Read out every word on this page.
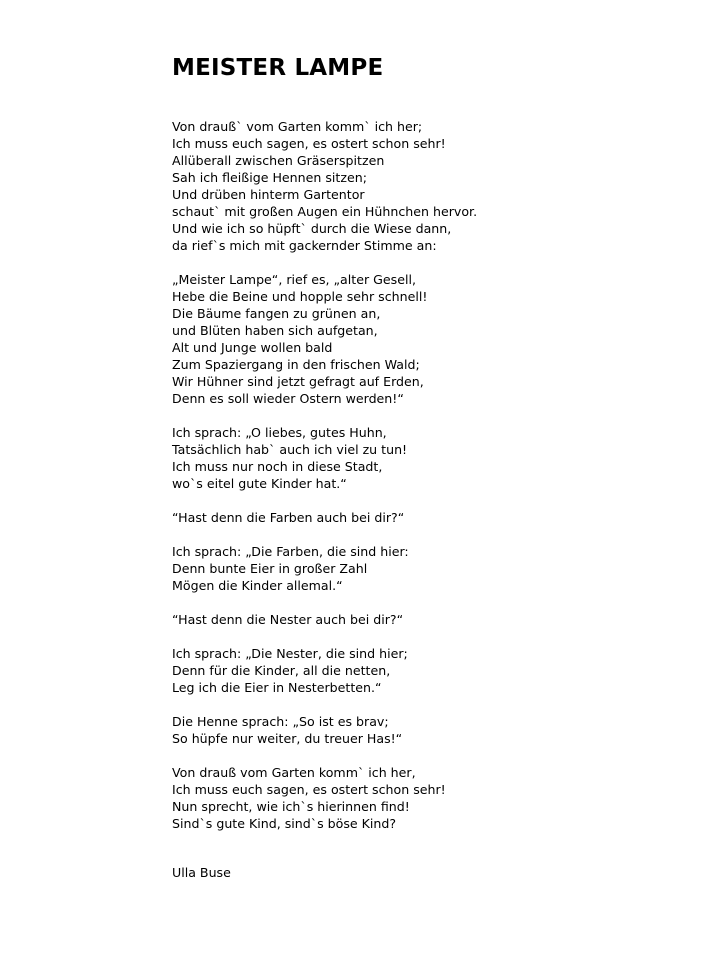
MEISTER LAMPE
Von drauß` vom Garten komm` ich her;
Ich muss euch sagen, es ostert schon sehr!
Allüberall zwischen Gräserspitzen
Sah ich fleißige Hennen sitzen;
Und drüben hinterm Gartentor
schaut` mit großen Augen ein Hühnchen hervor.
Und wie ich so hüpft` durch die Wiese dann,
da rief`s mich mit gackernder Stimme an:
„Meister Lampe“, rief es, „alter Gesell,
Hebe die Beine und hopple sehr schnell!
Die Bäume fangen zu grünen an,
und Blüten haben sich aufgetan,
Alt und Junge wollen bald
Zum Spaziergang in den frischen Wald;
Wir Hühner sind jetzt gefragt auf Erden,
Denn es soll wieder Ostern werden!“
Ich sprach: „O liebes, gutes Huhn,
Tatsächlich hab` auch ich viel zu tun!
Ich muss nur noch in diese Stadt,
wo`s eitel gute Kinder hat.“
“Hast denn die Farben auch bei dir?“
Ich sprach: „Die Farben, die sind hier:
Denn bunte Eier in großer Zahl
Mögen die Kinder allemal.“
“Hast denn die Nester auch bei dir?“
Ich sprach: „Die Nester, die sind hier;
Denn für die Kinder, all die netten,
Leg ich die Eier in Nesterbetten.“
Die Henne sprach: „So ist es brav;
So hüpfe nur weiter, du treuer Has!“
Von drauß vom Garten komm` ich her,
Ich muss euch sagen, es ostert schon sehr!
Nun sprecht, wie ich`s hierinnen find!
Sind`s gute Kind, sind`s böse Kind?
Ulla Buse
